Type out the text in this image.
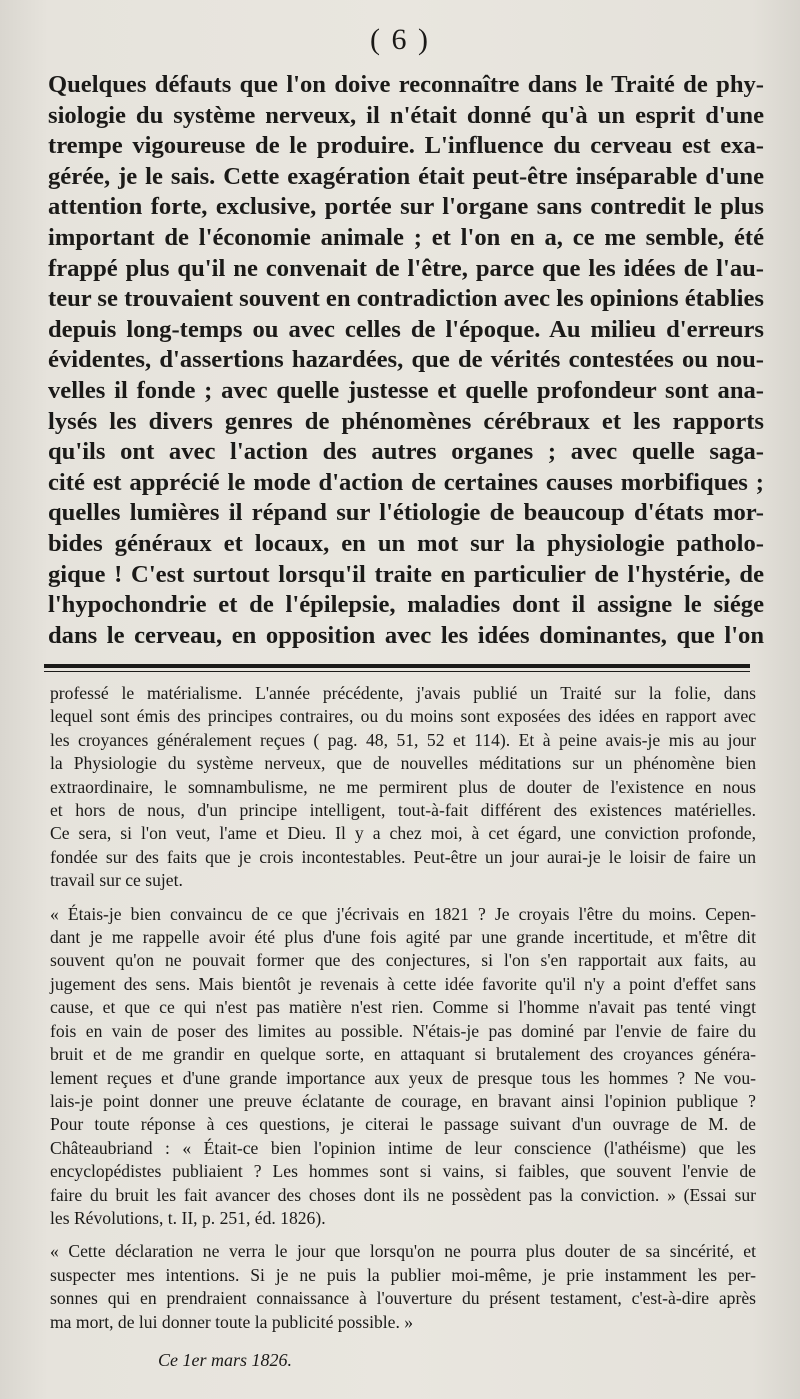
( 6 )
Quelques défauts que l'on doive reconnaître dans le Traité de phy-
siologie du système nerveux, il n'était donné qu'à un esprit d'une
trempe vigoureuse de le produire. L'influence du cerveau est exa-
gérée, je le sais. Cette exagération était peut-être inséparable d'une
attention forte, exclusive, portée sur l'organe sans contredit le plus
important de l'économie animale ; et l'on en a, ce me semble, été
frappé plus qu'il ne convenait de l'être, parce que les idées de l'au-
teur se trouvaient souvent en contradiction avec les opinions établies
depuis long-temps ou avec celles de l'époque. Au milieu d'erreurs
évidentes, d'assertions hazardées, que de vérités contestées ou nou-
velles il fonde ; avec quelle justesse et quelle profondeur sont ana-
lysés les divers genres de phénomènes cérébraux et les rapports
qu'ils ont avec l'action des autres organes ; avec quelle saga-
cité est apprécié le mode d'action de certaines causes morbifiques ;
quelles lumières il répand sur l'étiologie de beaucoup d'états mor-
bides généraux et locaux, en un mot sur la physiologie patholo-
gique ! C'est surtout lorsqu'il traite en particulier de l'hystérie, de
l'hypochondrie et de l'épilepsie, maladies dont il assigne le siége
dans le cerveau, en opposition avec les idées dominantes, que l'on
professé le matérialisme. L'année précédente, j'avais publié un Traité sur la folie, dans
lequel sont émis des principes contraires, ou du moins sont exposées des idées en rapport avec
les croyances généralement reçues ( pag. 48, 51, 52 et 114). Et à peine avais-je mis au jour
la Physiologie du système nerveux, que de nouvelles méditations sur un phénomène bien
extraordinaire, le somnambulisme, ne me permirent plus de douter de l'existence en nous
et hors de nous, d'un principe intelligent, tout-à-fait différent des existences matérielles.
Ce sera, si l'on veut, l'ame et Dieu. Il y a chez moi, à cet égard, une conviction profonde,
fondée sur des faits que je crois incontestables. Peut-être un jour aurai-je le loisir de faire un
travail sur ce sujet.
« Étais-je bien convaincu de ce que j'écrivais en 1821 ? Je croyais l'être du moins. Cepen-
dant je me rappelle avoir été plus d'une fois agité par une grande incertitude, et m'être dit
souvent qu'on ne pouvait former que des conjectures, si l'on s'en rapportait aux faits, au
jugement des sens. Mais bientôt je revenais à cette idée favorite qu'il n'y a point d'effet sans
cause, et que ce qui n'est pas matière n'est rien. Comme si l'homme n'avait pas tenté vingt
fois en vain de poser des limites au possible. N'étais-je pas dominé par l'envie de faire du
bruit et de me grandir en quelque sorte, en attaquant si brutalement des croyances généra-
lement reçues et d'une grande importance aux yeux de presque tous les hommes ? Ne vou-
lais-je point donner une preuve éclatante de courage, en bravant ainsi l'opinion publique ?
Pour toute réponse à ces questions, je citerai le passage suivant d'un ouvrage de M. de
Châteaubriand : « Était-ce bien l'opinion intime de leur conscience (l'athéisme) que les
encyclopédistes publiaient ? Les hommes sont si vains, si faibles, que souvent l'envie de
faire du bruit les fait avancer des choses dont ils ne possèdent pas la conviction. » (Essai sur
les Révolutions, t. II, p. 251, éd. 1826).
« Cette déclaration ne verra le jour que lorsqu'on ne pourra plus douter de sa sincérité, et
suspecter mes intentions. Si je ne puis la publier moi-même, je prie instamment les per-
sonnes qui en prendraient connaissance à l'ouverture du présent testament, c'est-à-dire après
ma mort, de lui donner toute la publicité possible. »
Ce 1er mars 1826.
